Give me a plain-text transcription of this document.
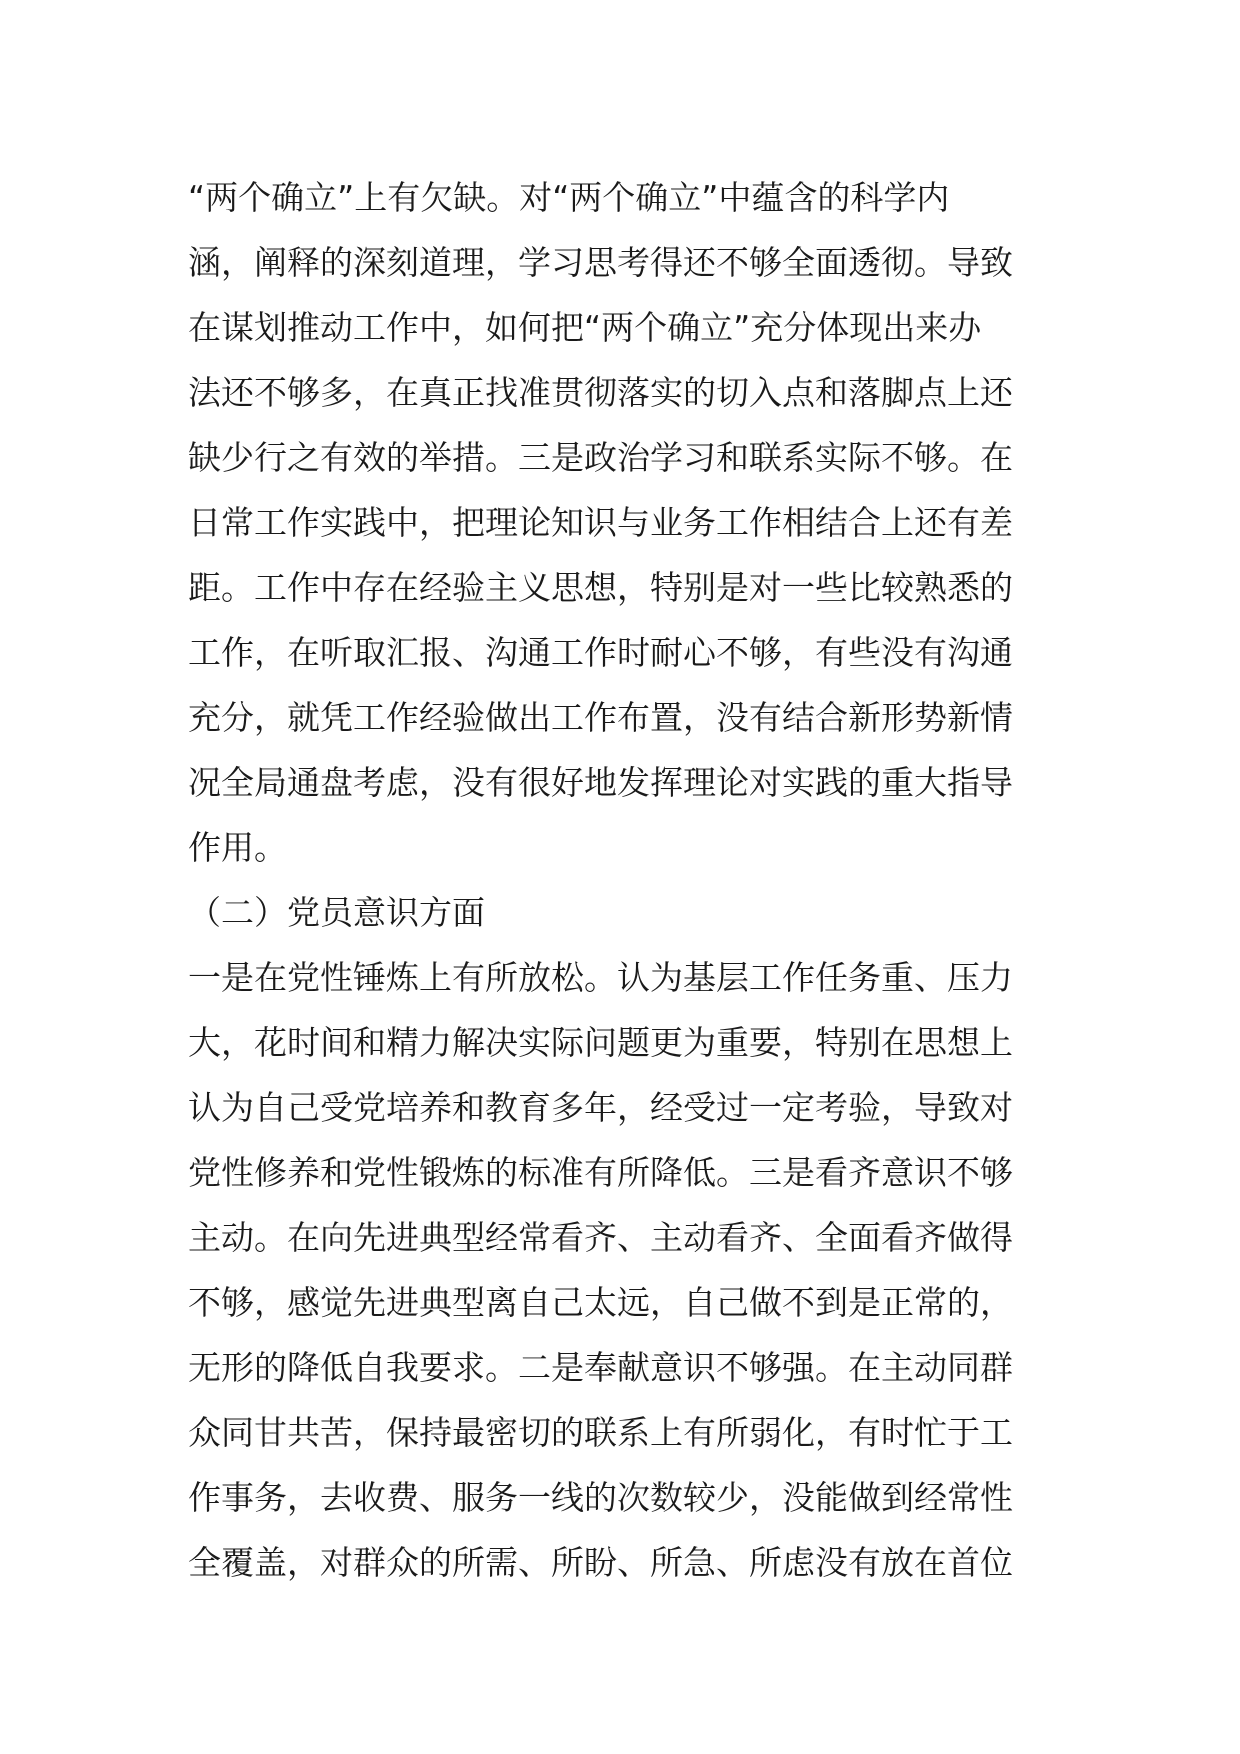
“两个确立”上有欠缺。对“两个确立”中蕴含的科学内
涵，阐释的深刻道理，学习思考得还不够全面透彻。导致
在谋划推动工作中，如何把“两个确立”充分体现出来办
法还不够多，在真正找准贯彻落实的切入点和落脚点上还
缺少行之有效的举措。三是政治学习和联系实际不够。在
日常工作实践中，把理论知识与业务工作相结合上还有差
距。工作中存在经验主义思想，特别是对一些比较熟悉的
工作，在听取汇报、沟通工作时耐心不够，有些没有沟通
充分，就凭工作经验做出工作布置，没有结合新形势新情
况全局通盘考虑，没有很好地发挥理论对实践的重大指导
作用。
（二）党员意识方面
一是在党性锤炼上有所放松。认为基层工作任务重、压力
大，花时间和精力解决实际问题更为重要，特别在思想上
认为自己受党培养和教育多年，经受过一定考验，导致对
党性修养和党性锻炼的标准有所降低。三是看齐意识不够
主动。在向先进典型经常看齐、主动看齐、全面看齐做得
不够，感觉先进典型离自己太远，自己做不到是正常的，
无形的降低自我要求。二是奉献意识不够强。在主动同群
众同甘共苦，保持最密切的联系上有所弱化，有时忙于工
作事务，去收费、服务一线的次数较少，没能做到经常性
全覆盖，对群众的所需、所盼、所急、所虑没有放在首位
